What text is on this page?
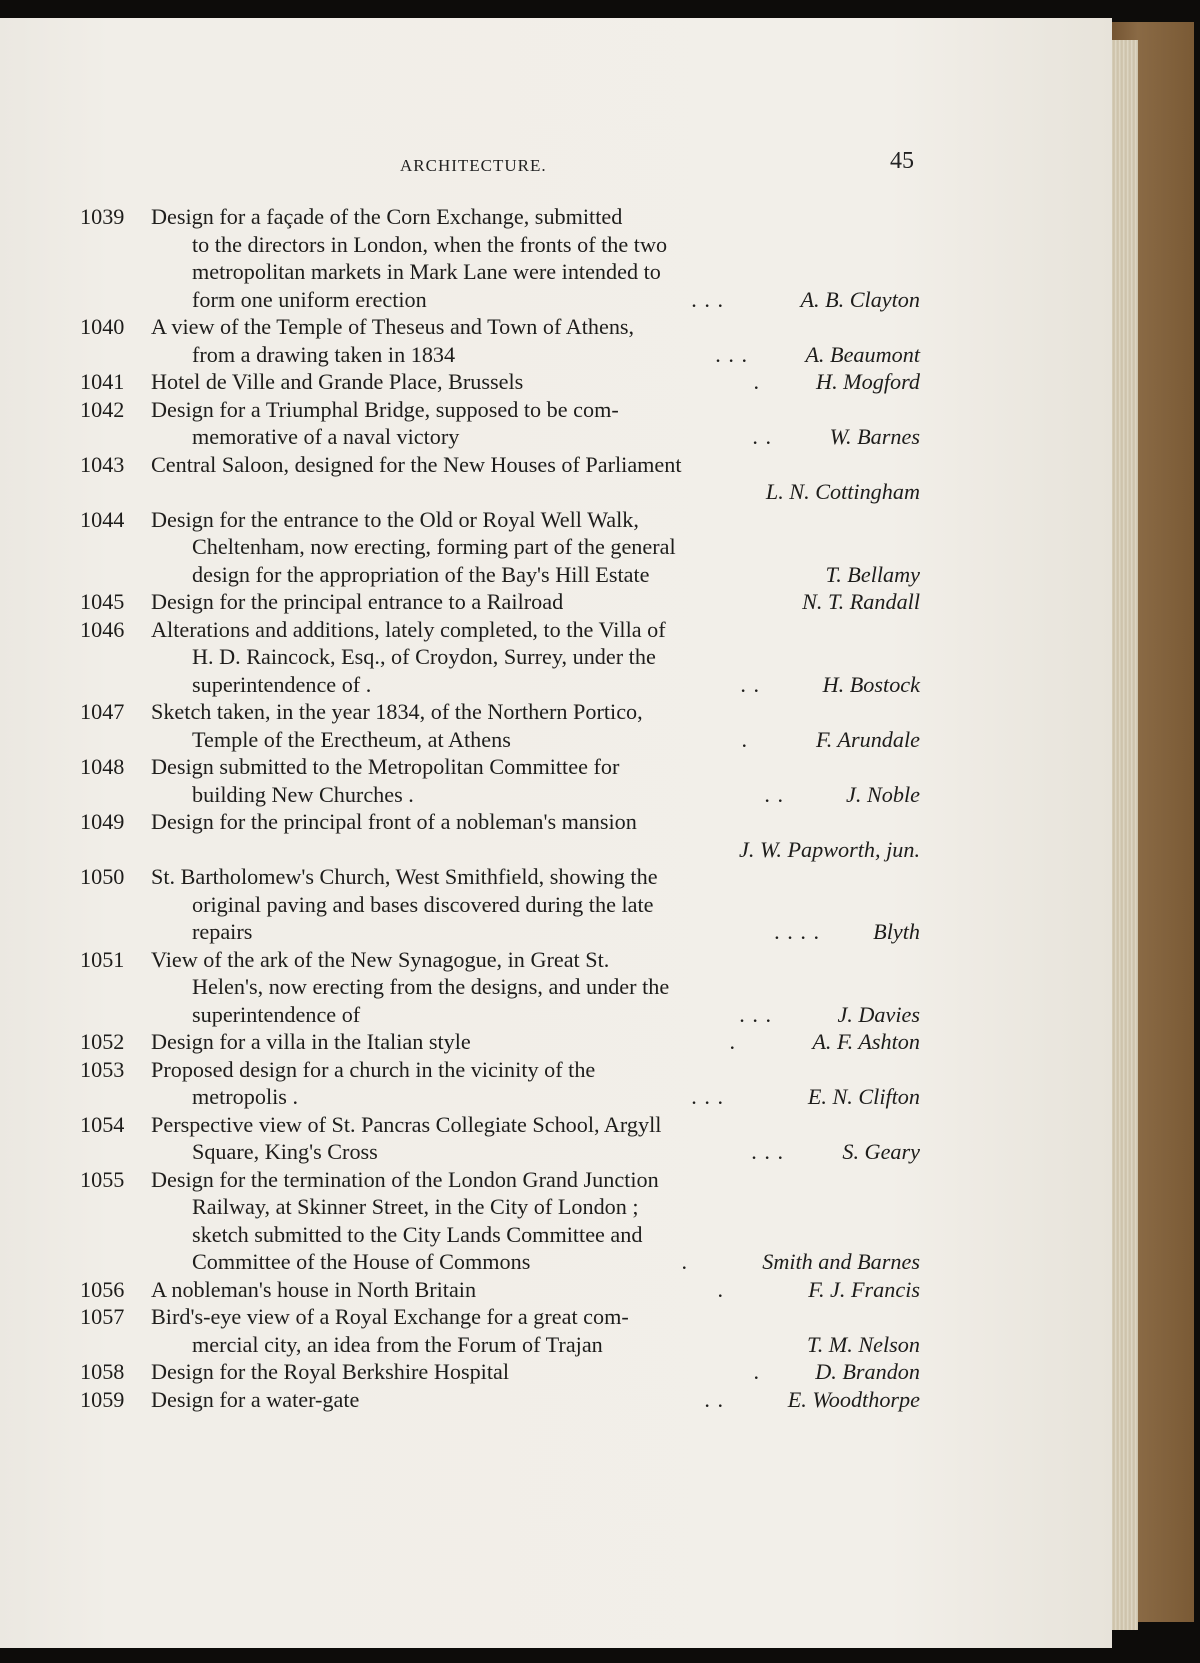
ARCHITECTURE.	45
1039	Design for a façade of the Corn Exchange, submitted
to the directors in London, when the fronts of the two
metropolitan markets in Mark Lane were intended to
form one uniform erection	. . .	A. B. Clayton
1040	A view of the Temple of Theseus and Town of Athens,
from a drawing taken in 1834	. . .	A. Beaumont
1041	Hotel de Ville and Grande Place, Brussels	.	H. Mogford
1042	Design for a Triumphal Bridge, supposed to be com-
memorative of a naval victory	. .	W. Barnes
1043	Central Saloon, designed for the New Houses of Parliament
L. N. Cottingham
1044	Design for the entrance to the Old or Royal Well Walk,
Cheltenham, now erecting, forming part of the general
design for the appropriation of the Bay's Hill Estate	T. Bellamy
1045	Design for the principal entrance to a Railroad	N. T. Randall
1046	Alterations and additions, lately completed, to the Villa of
H. D. Raincock, Esq., of Croydon, Surrey, under the
superintendence of .	. .	H. Bostock
1047	Sketch taken, in the year 1834, of the Northern Portico,
Temple of the Erectheum, at Athens	.	F. Arundale
1048	Design submitted to the Metropolitan Committee for
building New Churches .	. .	J. Noble
1049	Design for the principal front of a nobleman's mansion
J. W. Papworth, jun.
1050	St. Bartholomew's Church, West Smithfield, showing the
original paving and bases discovered during the late
repairs	. . . . Blyth
1051	View of the ark of the New Synagogue, in Great St.
Helen's, now erecting from the designs, and under the
superintendence of	. . .	J. Davies
1052	Design for a villa in the Italian style	.	A. F. Ashton
1053	Proposed design for a church in the vicinity of the
metropolis .	. . .	E. N. Clifton
1054	Perspective view of St. Pancras Collegiate School, Argyll
Square, King's Cross	. . .	S. Geary
1055	Design for the termination of the London Grand Junction
Railway, at Skinner Street, in the City of London ;
sketch submitted to the City Lands Committee and
Committee of the House of Commons	.	Smith and Barnes
1056	A nobleman's house in North Britain	.	F. J. Francis
1057	Bird's-eye view of a Royal Exchange for a great com-
mercial city, an idea from the Forum of Trajan	T. M. Nelson
1058	Design for the Royal Berkshire Hospital	. D. Brandon
1059	Design for a water-gate	. .	E. Woodthorpe
